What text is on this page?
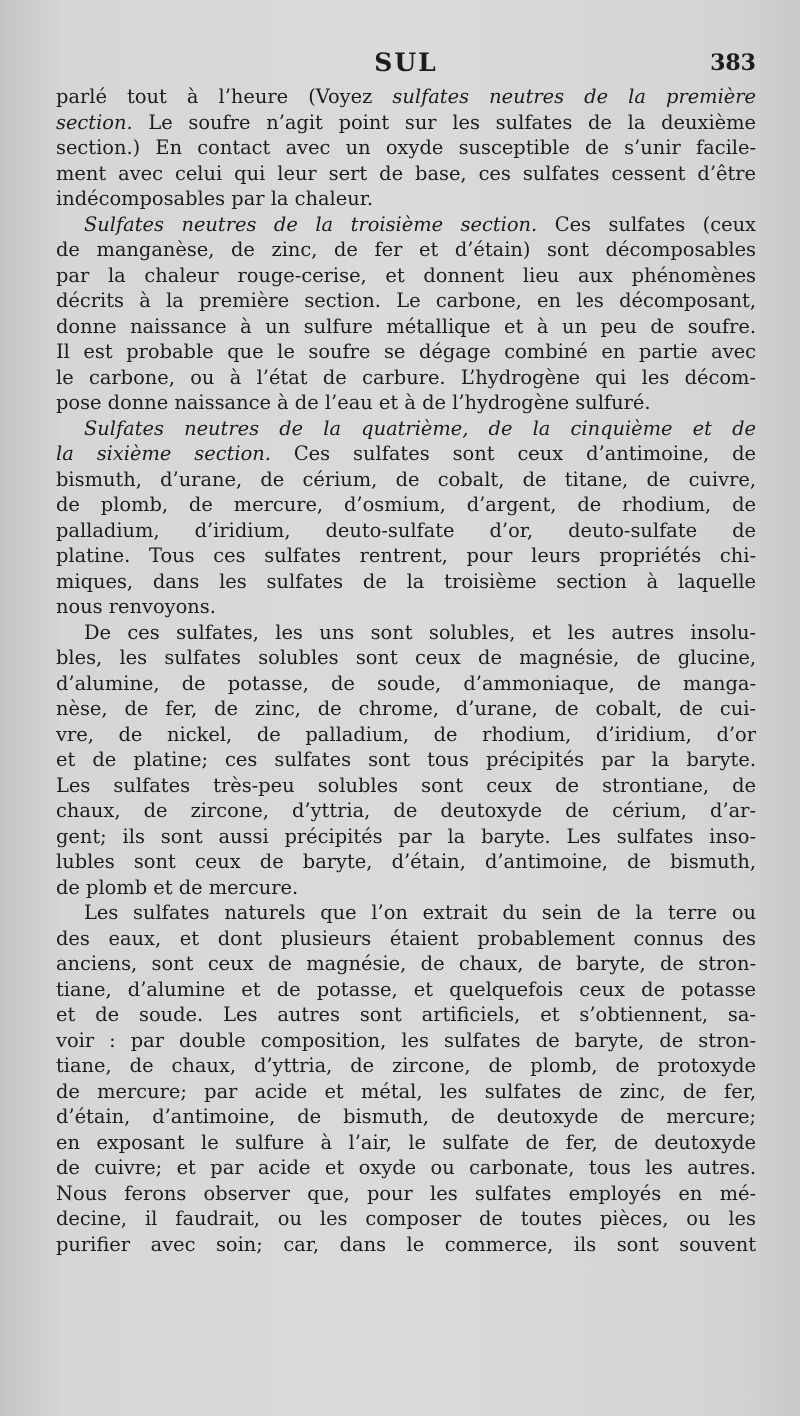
SUL	383
parlé tout à l’heure (Voyez sulfates neutres de la première
section. Le soufre n’agit point sur les sulfates de la deuxième
section.) En contact avec un oxyde susceptible de s’unir facile-
ment avec celui qui leur sert de base, ces sulfates cessent d’être
indécomposables par la chaleur.
Sulfates neutres de la troisième section. Ces sulfates (ceux
de manganèse, de zinc, de fer et d’étain) sont décomposables
par la chaleur rouge-cerise, et donnent lieu aux phénomènes
décrits à la première section. Le carbone, en les décomposant,
donne naissance à un sulfure métallique et à un peu de soufre.
Il est probable que le soufre se dégage combiné en partie avec
le carbone, ou à l’état de carbure. L’hydrogène qui les décom-
pose donne naissance à de l’eau et à de l’hydrogène sulfuré.
Sulfates neutres de la quatrième, de la cinquième et de
la sixième section. Ces sulfates sont ceux d’antimoine, de
bismuth, d’urane, de cérium, de cobalt, de titane, de cuivre,
de plomb, de mercure, d’osmium, d’argent, de rhodium, de
palladium, d’iridium, deuto-sulfate d’or, deuto-sulfate de
platine. Tous ces sulfates rentrent, pour leurs propriétés chi-
miques, dans les sulfates de la troisième section à laquelle
nous renvoyons.
De ces sulfates, les uns sont solubles, et les autres insolu-
bles, les sulfates solubles sont ceux de magnésie, de glucine,
d’alumine, de potasse, de soude, d’ammoniaque, de manga-
nèse, de fer, de zinc, de chrome, d’urane, de cobalt, de cui-
vre, de nickel, de palladium, de rhodium, d’iridium, d’or
et de platine; ces sulfates sont tous précipités par la baryte.
Les sulfates très-peu solubles sont ceux de strontiane, de
chaux, de zircone, d’yttria, de deutoxyde de cérium, d’ar-
gent; ils sont aussi précipités par la baryte. Les sulfates inso-
lubles sont ceux de baryte, d’étain, d’antimoine, de bismuth,
de plomb et de mercure.
Les sulfates naturels que l’on extrait du sein de la terre ou
des eaux, et dont plusieurs étaient probablement connus des
anciens, sont ceux de magnésie, de chaux, de baryte, de stron-
tiane, d’alumine et de potasse, et quelquefois ceux de potasse
et de soude. Les autres sont artificiels, et s’obtiennent, sa-
voir : par double composition, les sulfates de baryte, de stron-
tiane, de chaux, d’yttria, de zircone, de plomb, de protoxyde
de mercure; par acide et métal, les sulfates de zinc, de fer,
d’étain, d’antimoine, de bismuth, de deutoxyde de mercure;
en exposant le sulfure à l’air, le sulfate de fer, de deutoxyde
de cuivre; et par acide et oxyde ou carbonate, tous les autres.
Nous ferons observer que, pour les sulfates employés en mé-
decine, il faudrait, ou les composer de toutes pièces, ou les
purifier avec soin; car, dans le commerce, ils sont souvent
